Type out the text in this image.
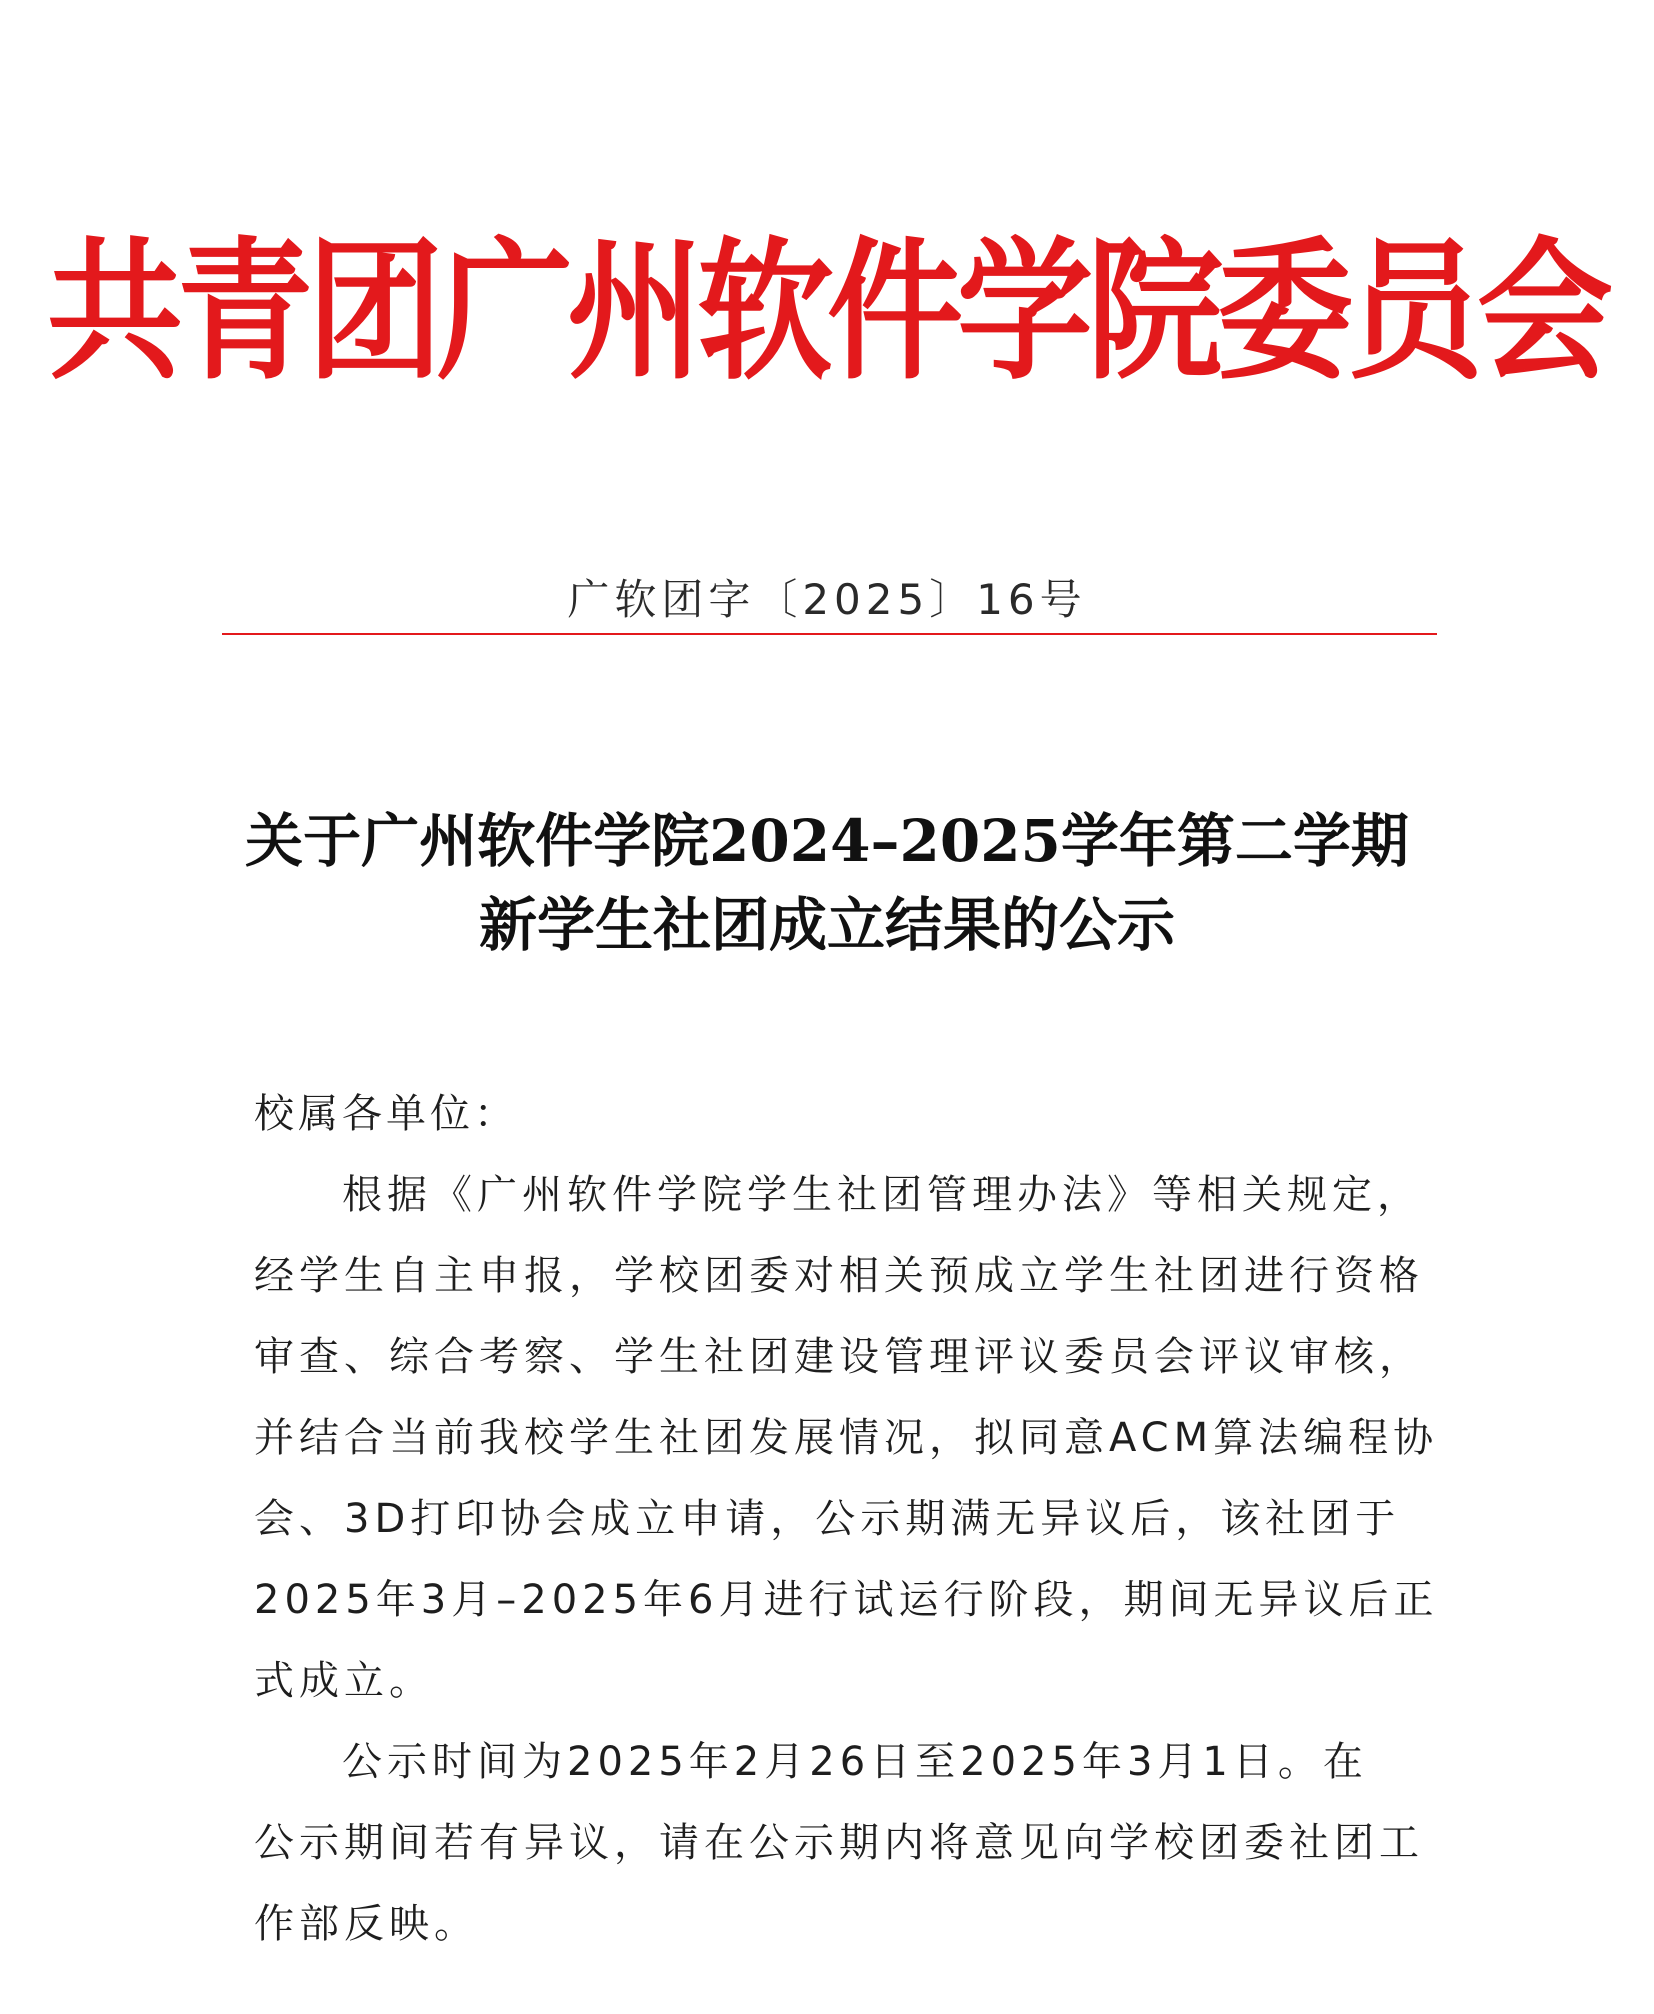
共青团广州软件学院委员会
广软团字〔2025〕16号
关于广州软件学院2024–2025学年第二学期
新学生社团成立结果的公示
校属各单位：
根据《广州软件学院学生社团管理办法》等相关规定，
经学生自主申报，学校团委对相关预成立学生社团进行资格
审查、综合考察、学生社团建设管理评议委员会评议审核，
并结合当前我校学生社团发展情况，拟同意ACM算法编程协
会、3D打印协会成立申请，公示期满无异议后，该社团于
2025年3月–2025年6月进行试运行阶段，期间无异议后正
式成立。
公示时间为2025年2月26日至2025年3月1日。在
公示期间若有异议，请在公示期内将意见向学校团委社团工
作部反映。
